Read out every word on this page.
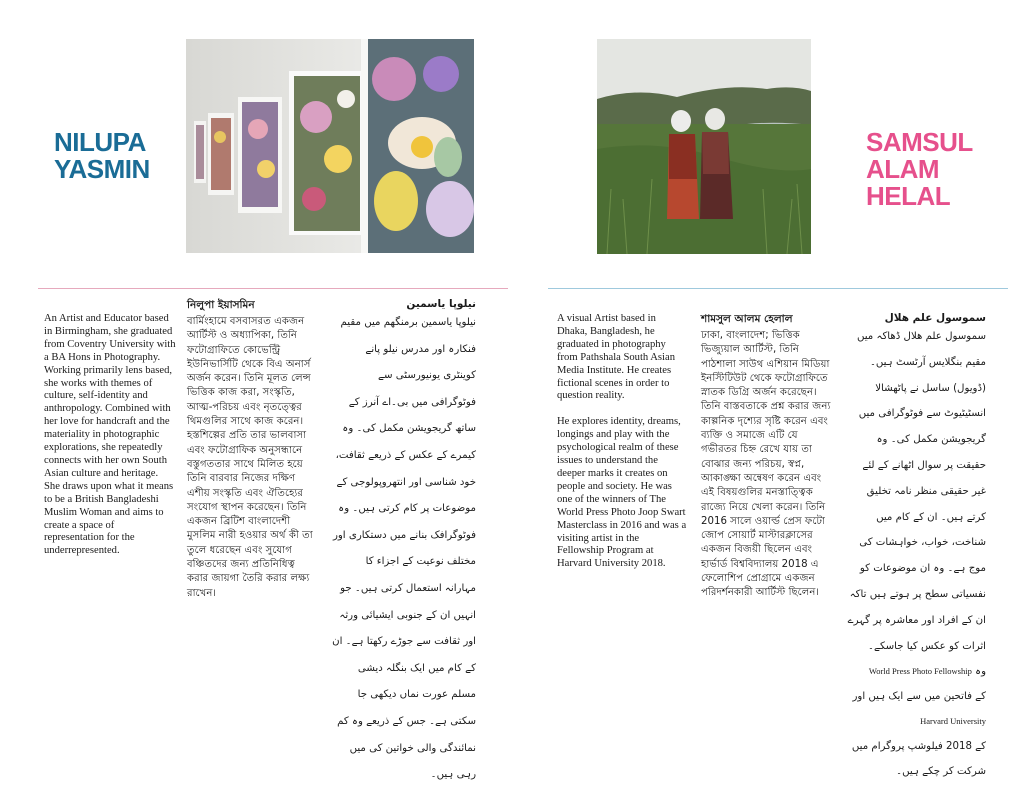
NILUPA
YASMIN
An Artist and Educator based in Birmingham, she graduated from Coventry University with a BA Hons in Photography. Working primarily lens based, she works with themes of culture, self-identity and anthropology. Combined with her love for handcraft and the materiality in photographic explorations, she repeatedly connects with her own South Asian culture and heritage. She draws upon what it means to be a British Bangladeshi Muslim Woman and aims to create a space of representation for the underrepresented.
নিলুপা ইয়াসমিন
বার্মিংহামে বসবাসরত একজন আর্টিস্ট ও অধ্যাপিকা, তিনি ফটোগ্রাফিতে কোভেন্ট্রি ইউনিভার্সিটি থেকে বিএ অনার্স অর্জন করেন। তিনি মূলত লেন্স ভিত্তিক কাজ করা, সংস্কৃতি, আত্ম-পরিচয় এবং নৃতত্ত্বের থিমগুলির সাথে কাজ করেন। হস্তশিল্পের প্রতি তার ভালবাসা এবং ফটোগ্রাফিক অনুসন্ধানে বস্তুগততার সাথে মিলিত হয়ে তিনি বারবার নিজের দক্ষিণ এশীয় সংস্কৃতি এবং ঐতিহ্যের সংযোগ স্থাপন করেছেন। তিনি একজন ব্রিটিশ বাংলাদেশী মুসলিম নারী হওয়ার অর্থ কী তা তুলে ধরেছেন এবং সুযোগ বঞ্চিতদের জন্য প্রতিনিধিত্ব করার জায়গা তৈরি করার লক্ষ্য রাখেন।
نیلوپا یاسمین
نیلوپا یاسمین برمنگھم میں مقیم فنکارہ اور مدرس نیلو پانے کوینٹری یونیورسٹی سے فوٹوگرافی میں بی۔اے آنرز کے ساتھ گریجویشن مکمل کی۔ وہ کیمرے کے عکس کے ذریعے ثقافت، خود شناسی اور انتھروپولوجی کے موضوعات پر کام کرتی ہیں۔ وہ فوٹوگرافک بنانے میں دستکاری اور مختلف نوعیت کے اجزاء کا مہارانہ استعمال کرتی ہیں۔ جو انہیں ان کے جنوبی ایشیائی ورثہ اور ثقافت سے جوڑے رکھتا ہے۔ ان کے کام میں ایک بنگلہ دیشی مسلم عورت نماں دیکھی جا سکتی ہے۔ جس کے ذریعے وہ کم نمائندگی والی خواتین کی میں رہی ہیں۔
SAMSUL
ALAM HELAL

A visual Artist based in Dhaka, Bangladesh, he graduated in photography from Pathshala South Asian Media Institute. He creates fictional scenes in order to question reality.

He explores identity, dreams, longings and play with the psychological realm of these issues to understand the deeper marks it creates on people and society. He was one of the winners of The World Press Photo Joop Swart Masterclass in 2016 and was a visiting artist in the Fellowship Program at Harvard University 2018.

শামসুল আলম হেলাল
ঢাকা, বাংলাদেশ; ভিত্তিক ভিজ্যুয়াল আর্টিস্ট, তিনি পাঠশালা সাউথ এশিয়ান মিডিয়া ইনস্টিটিউট থেকে ফটোগ্রাফিতে স্নাতক ডিগ্রি অর্জন করেছেন। তিনি বাস্তবতাকে প্রশ্ন করার জন্য কাল্পনিক দৃশ্যের সৃষ্টি করেন এবং ব্যক্তি ও সমাজে এটি যে গভীরতর চিহ্ন রেখে যায় তা বোঝার জন্য পরিচয়, স্বপ্ন, আকাঙ্ক্ষা অন্বেষণ করেন এবং এই বিষয়গুলির মনস্তাত্ত্বিক রাজ্যে নিয়ে খেলা করেন। তিনি 2016 সালে ওয়ার্ল্ড প্রেস ফটো জোপ সোয়ার্ট মাস্টারক্লাসের একজন বিজয়ী ছিলেন এবং হার্ভার্ড বিশ্ববিদ্যালয় 2018 এ ফেলোশিপ প্রোগ্রামে একজন পরিদর্শনকারী আর্টিস্ট ছিলেন।
سموسول علم ھلال
سموسول علم ھلال ڈھاکہ میں مقیم بنگلایس آرٹسٹ ہیں۔ (ڈویول) ساسل نے پاٹھشالا انسٹیٹیوٹ سے فوٹوگرافی میں گریجویشن مکمل کی۔ وہ حقیقت پر سوال اٹھانے کے لئے غیر حقیقی منظر نامہ تخلیق کرتے ہیں۔ ان کے کام میں شناخت، خواب، خواہشات کی موج ہے۔ وہ ان موضوعات کو نفسیاتی سطح پر ہوتے ہیں تاکہ ان کے افراد اور معاشرہ پر گہرے اثرات کو عکس کیا جاسکے۔
وہ World Press Photo Fellowship
کے فاتحین میں سے ایک ہیں اور
Harvard University
کے 2018 فیلوشپ پروگرام میں
شرکت کر چکے ہیں۔
